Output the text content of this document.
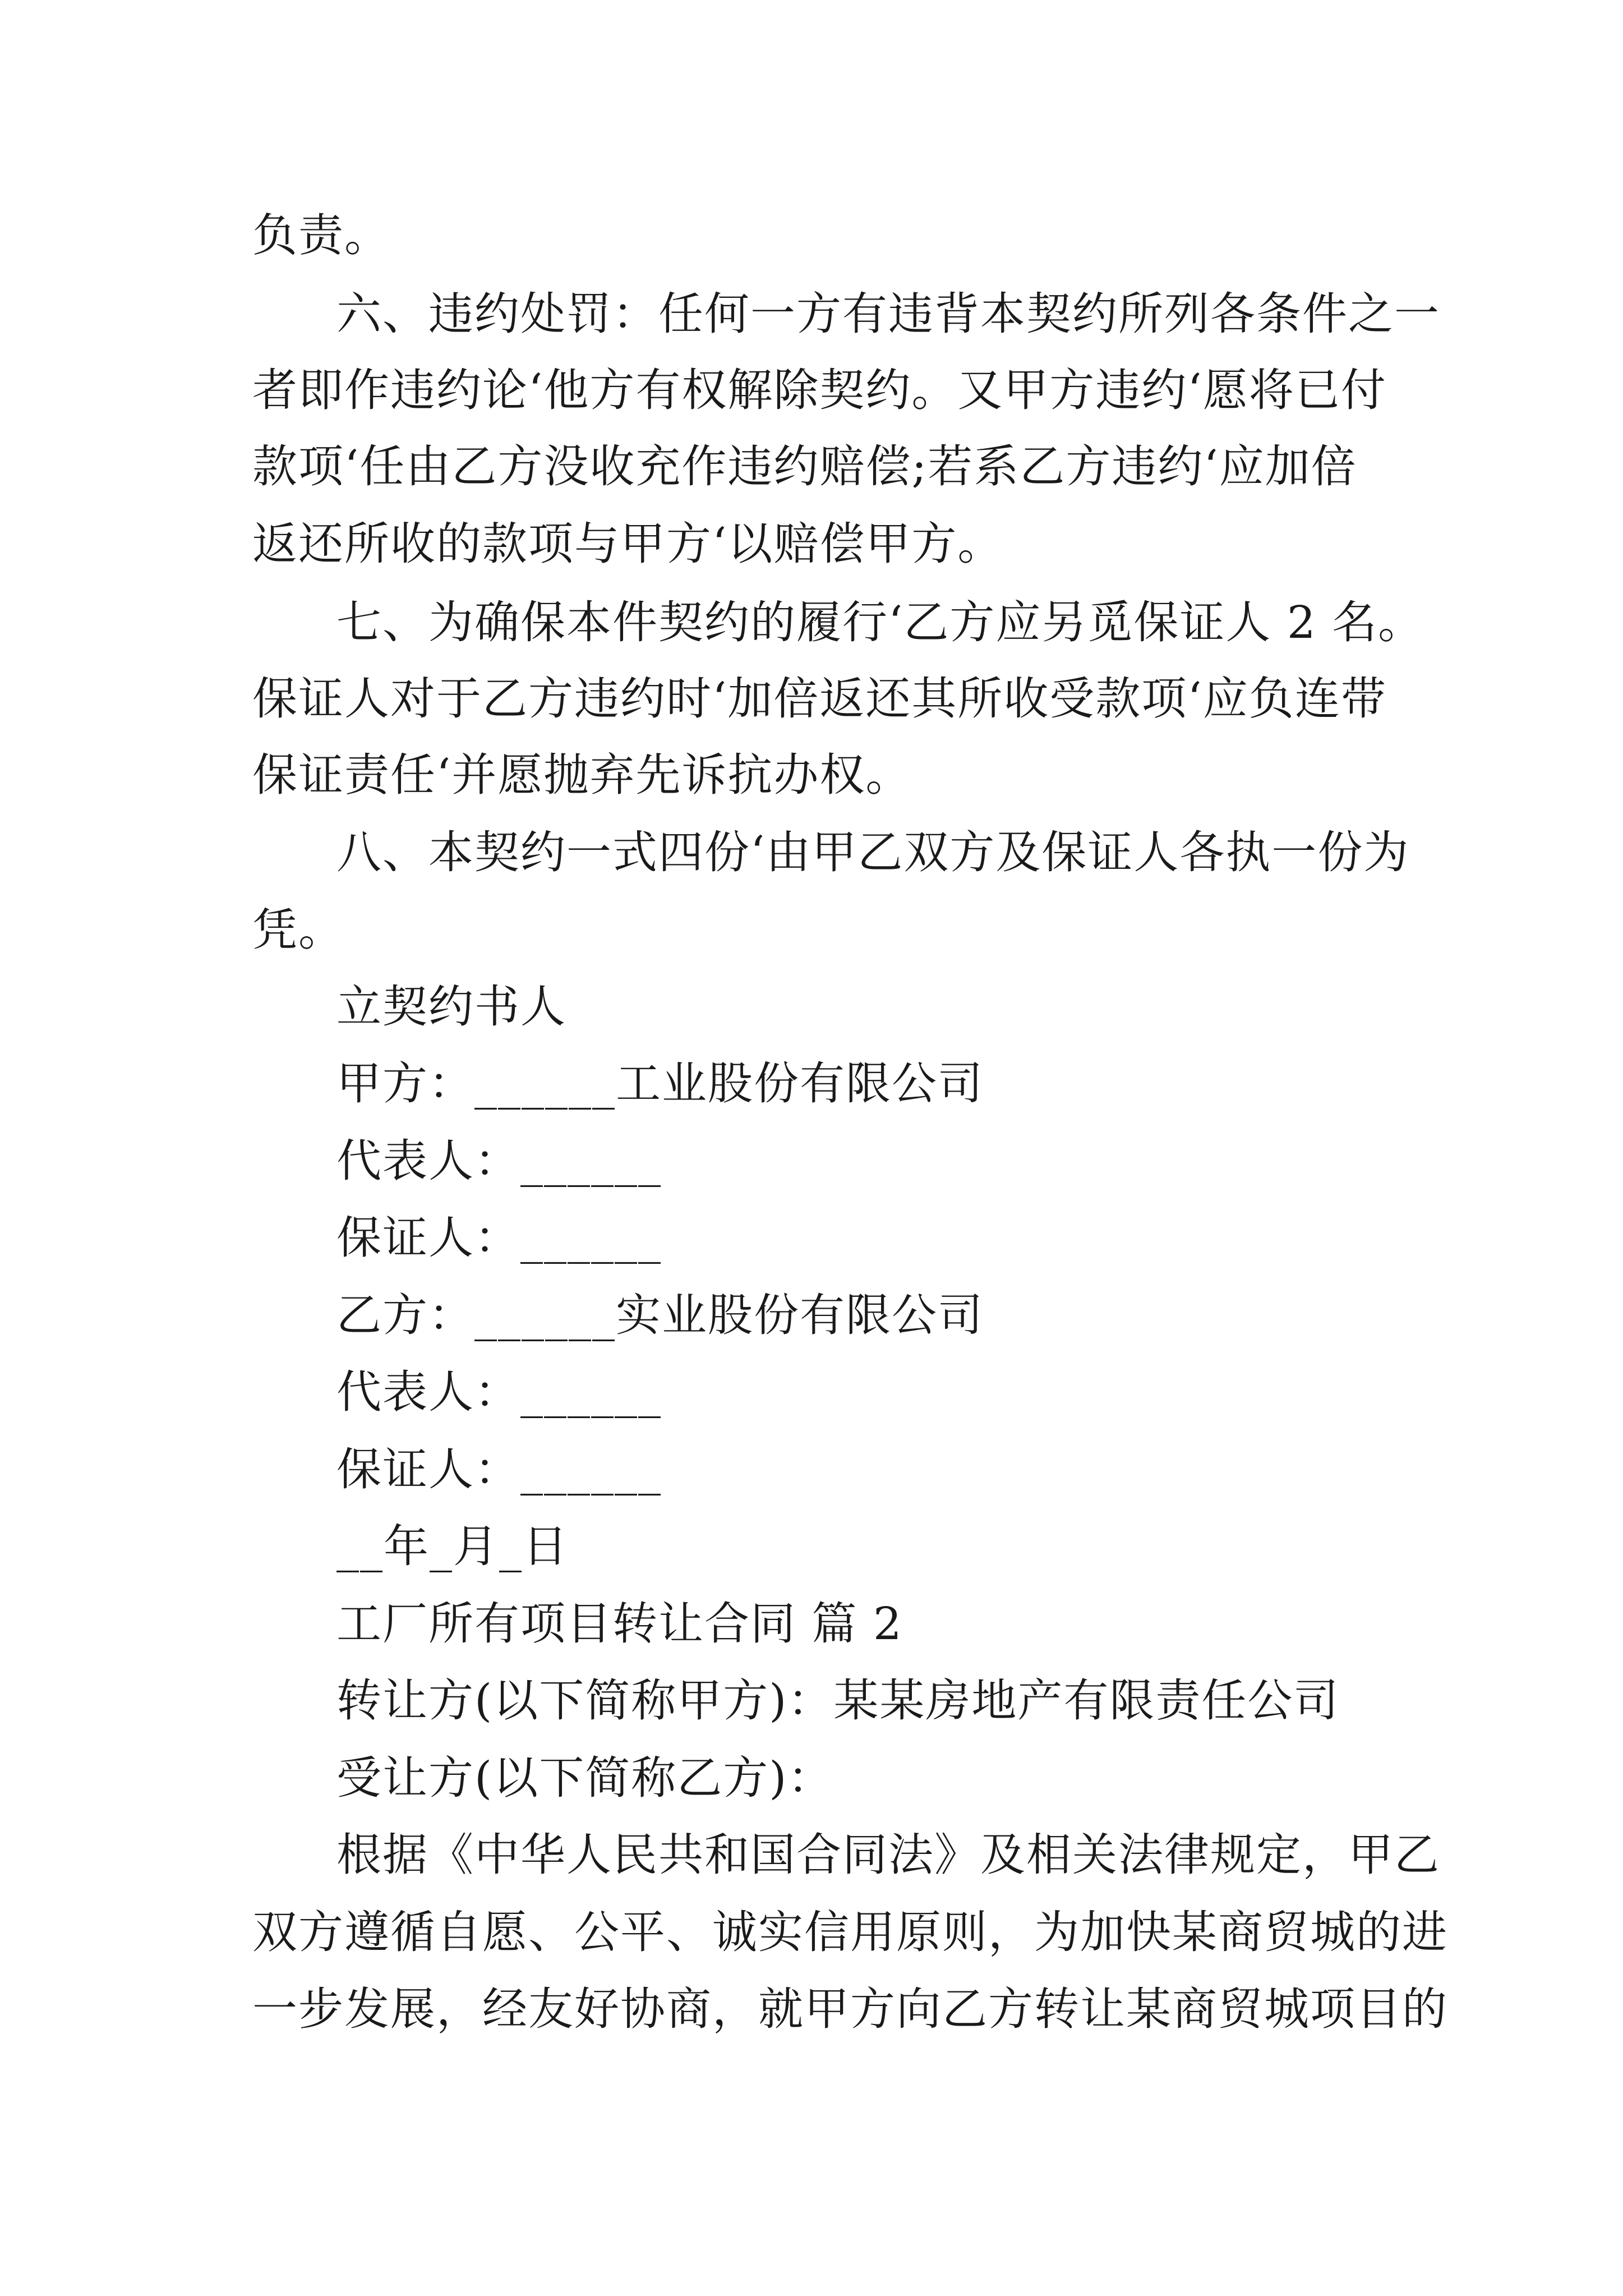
负责。
六、违约处罚：任何一方有违背本契约所列各条件之一
者即作违约论‘他方有权解除契约。又甲方违约‘愿将已付
款项‘任由乙方没收充作违约赔偿;若系乙方违约‘应加倍
返还所收的款项与甲方‘以赔偿甲方。
七、为确保本件契约的履行‘乙方应另觅保证人 2 名。
保证人对于乙方违约时‘加倍返还其所收受款项‘应负连带
保证责任‘并愿抛弃先诉抗办权。
八、本契约一式四份‘由甲乙双方及保证人各执一份为
凭。
立契约书人
甲方：______工业股份有限公司
代表人：______
保证人：______
乙方：______实业股份有限公司
代表人：______
保证人：______
__年_月_日
工厂所有项目转让合同 篇 2
转让方(以下简称甲方)：某某房地产有限责任公司
受让方(以下简称乙方)：
根据《中华人民共和国合同法》及相关法律规定，甲乙
双方遵循自愿、公平、诚实信用原则，为加快某商贸城的进
一步发展，经友好协商，就甲方向乙方转让某商贸城项目的
